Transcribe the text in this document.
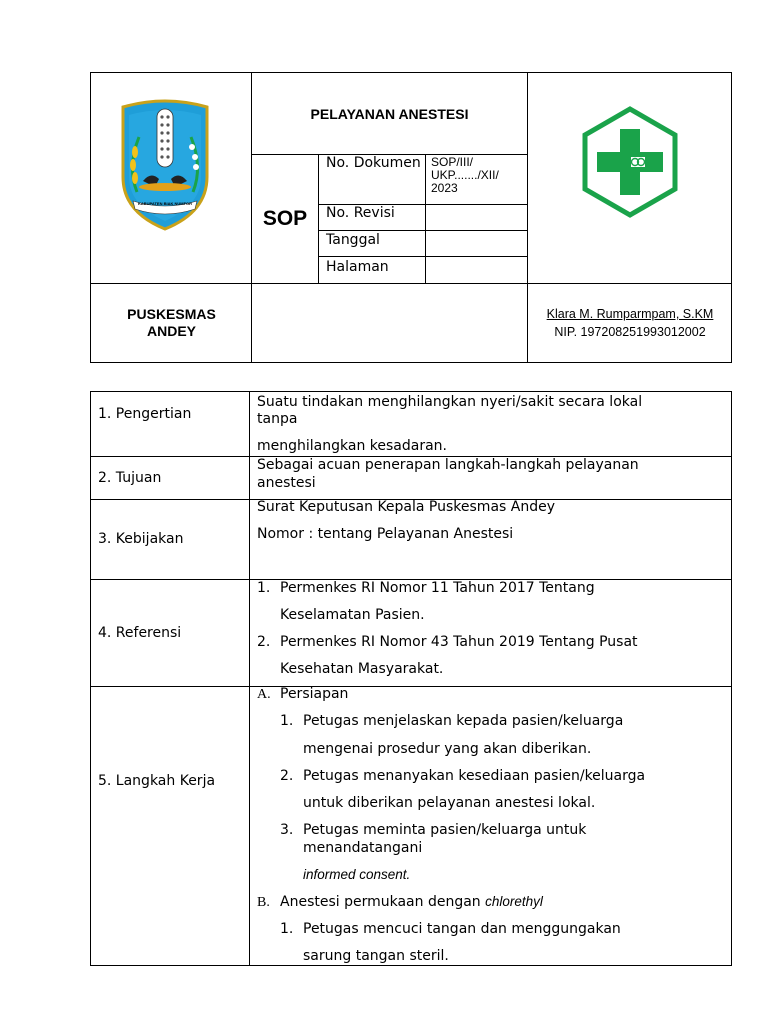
KABUPATEN BIAK NUMFOR
PELAYANAN ANESTESI
SOP
No. Dokumen SOP/III/ UKP......./XII/ 2023
No. Revisi
Tanggal
Halaman
PUSKESMAS
ANDEY
Klara M. Rumparmpam, S.KM
NIP. 197208251993012002
1. Pengertian
Suatu tindakan menghilangkan nyeri/sakit secara lokal
tanpa
menghilangkan kesadaran.
2. Tujuan
Sebagai acuan penerapan langkah-langkah pelayanan
anestesi
3. Kebijakan
Surat Keputusan Kepala Puskesmas Andey
Nomor : tentang Pelayanan Anestesi
4. Referensi
1. Permenkes RI Nomor 11 Tahun 2017 Tentang
Keselamatan Pasien.
2. Permenkes RI Nomor 43 Tahun 2019 Tentang Pusat
Kesehatan Masyarakat.
5. Langkah Kerja
A. Persiapan
1. Petugas menjelaskan kepada pasien/keluarga
mengenai prosedur yang akan diberikan.
2. Petugas menanyakan kesediaan pasien/keluarga
untuk diberikan pelayanan anestesi lokal.
3. Petugas meminta pasien/keluarga untuk
menandatangani
informed consent.
B. Anestesi permukaan dengan chlorethyl
1. Petugas mencuci tangan dan menggungakan
sarung tangan steril.
